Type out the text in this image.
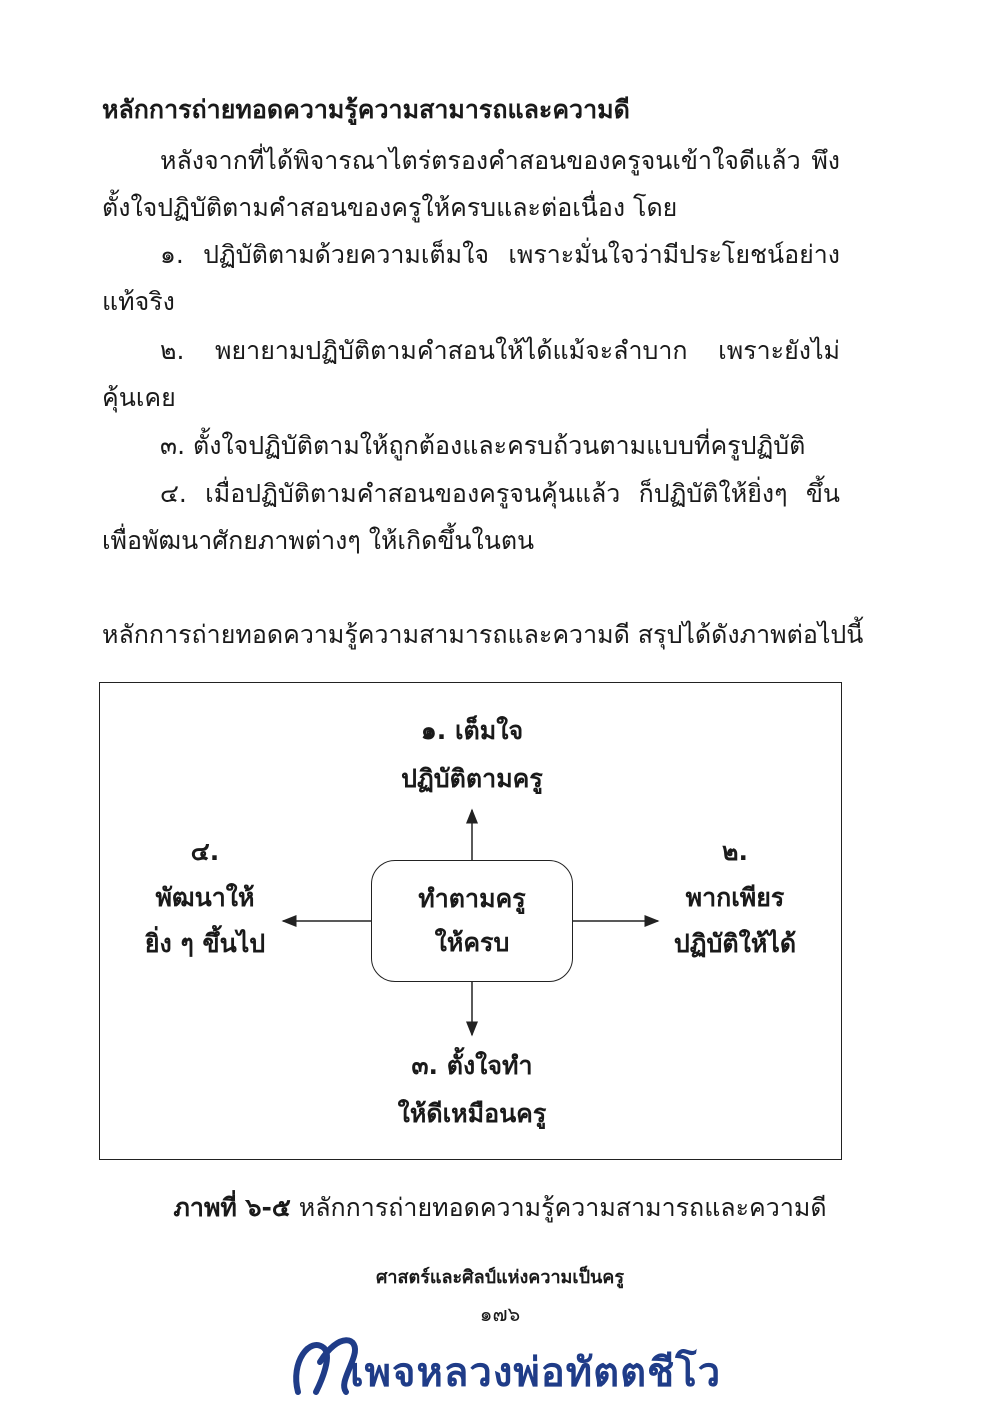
หลักการถ่ายทอดความรู้ความสามารถและความดี
หลังจากที่ได้พิจารณาไตร่ตรองคำสอนของครูจนเข้าใจดีแล้ว พึง
ตั้งใจปฏิบัติตามคำสอนของครูให้ครบและต่อเนื่อง โดย
๑. ปฏิบัติตามด้วยความเต็มใจ เพราะมั่นใจว่ามีประโยชน์อย่าง
แท้จริง
๒. พยายามปฏิบัติตามคำสอนให้ได้แม้จะลำบาก เพราะยังไม่
คุ้นเคย
๓. ตั้งใจปฏิบัติตามให้ถูกต้องและครบถ้วนตามแบบที่ครูปฏิบัติ
๔. เมื่อปฏิบัติตามคำสอนของครูจนคุ้นแล้ว ก็ปฏิบัติให้ยิ่งๆ ขึ้น
เพื่อพัฒนาศักยภาพต่างๆ ให้เกิดขึ้นในตน
หลักการถ่ายทอดความรู้ความสามารถและความดี สรุปได้ดังภาพต่อไปนี้
ทำตามครู
ให้ครบ
๑. เต็มใจ
ปฏิบัติตามครู
๒.
พากเพียร
ปฏิบัติให้ได้
๓. ตั้งใจทำ
ให้ดีเหมือนครู
๔.
พัฒนาให้
ยิ่ง ๆ ขึ้นไป
ภาพที่ ๖-๕ หลักการถ่ายทอดความรู้ความสามารถและความดี
ศาสตร์และศิลป์แห่งความเป็นครู
๑๗๖
เพจหลวงพ่อทัตตชีโว
